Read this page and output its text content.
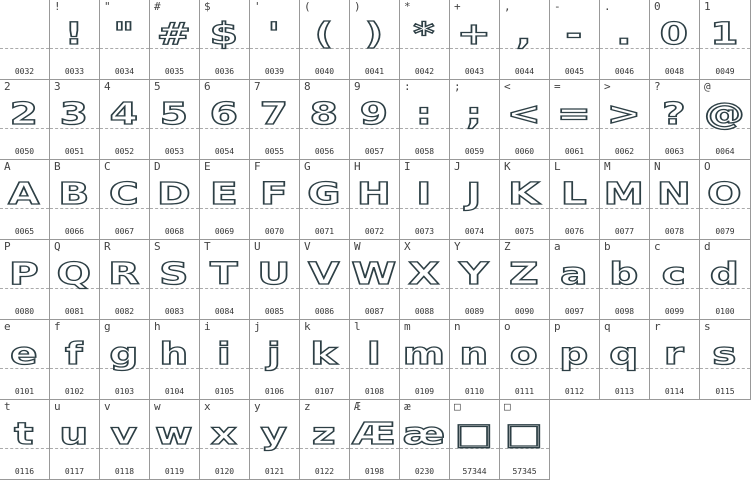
0032
!
!
0033
"
"
0034
#
#
0035
$
$
0036
'
'
0039
(
(
0040
)
)
0041
*
*
0042
+
+
0043
,
,
0044
-
-
0045
.
.
0046
0
0
0048
1
1
0049
2
2
0050
3
3
0051
4
4
0052
5
5
0053
6
6
0054
7
7
0055
8
8
0056
9
9
0057
:
:
0058
;
;
0059
<
<
0060
=
=
0061
>
>
0062
?
?
0063
@
@
0064
A
A
0065
B
B
0066
C
C
0067
D
D
0068
E
E
0069
F
F
0070
G
G
0071
H
H
0072
I
I
0073
J
J
0074
K
K
0075
L
L
0076
M
M
0077
N
N
0078
O
O
0079
P
P
0080
Q
Q
0081
R
R
0082
S
S
0083
T
T
0084
U
U
0085
V
V
0086
W
W
0087
X
X
0088
Y
Y
0089
Z
Z
0090
a
a
0097
b
b
0098
c
c
0099
d
d
0100
e
e
0101
f
f
0102
g
g
0103
h
h
0104
i
i
0105
j
j
0106
k
k
0107
l
l
0108
m
m
0109
n
n
0110
o
o
0111
p
p
0112
q
q
0113
r
r
0114
s
s
0115
t
t
0116
u
u
0117
v
v
0118
w
w
0119
x
x
0120
y
y
0121
z
z
0122
Æ
Æ
0198
æ
æ
0230
□
□
57344
□
□
57345
